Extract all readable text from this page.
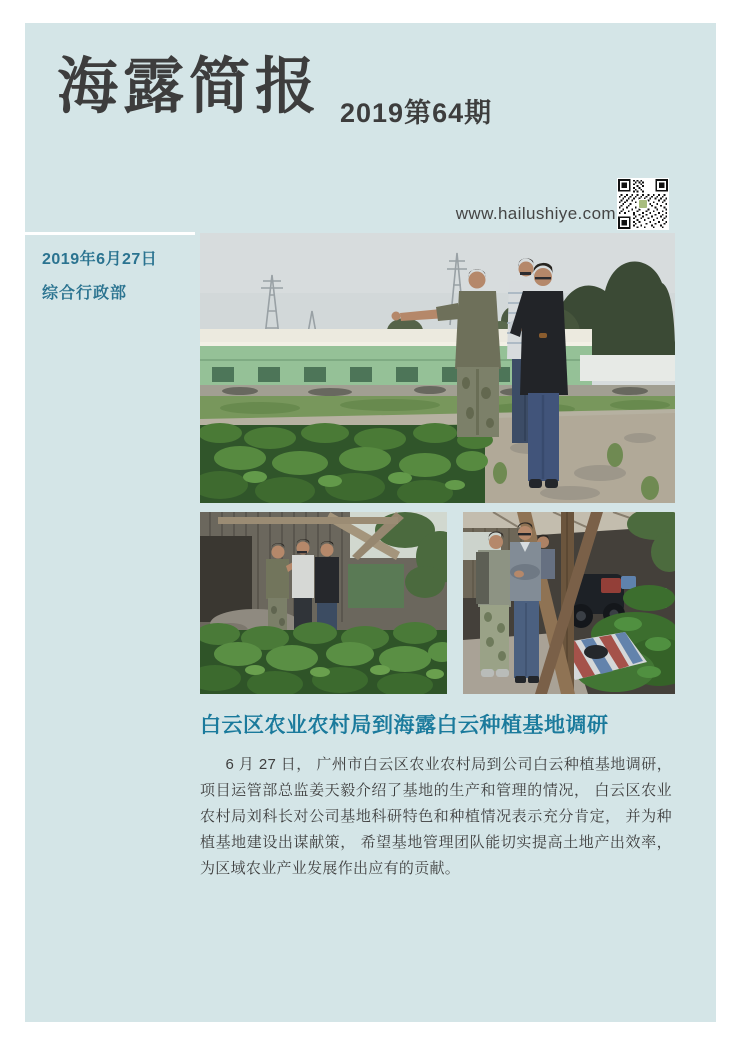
海露简报 2019第64期
www.hailushiye.com
2019年6月27日
综合行政部
白云区农业农村局到海露白云种植基地调研

6 月 27 日， 广州市白云区农业农村局到公司白云种植基地调研， 项目运管部总监姜天毅介绍了基地的生产和管理的情况， 白云区农业农村局刘科长对公司基地科研特色和种植情况表示充分肯定， 并为种植基地建设出谋献策， 希望基地管理团队能切实提高土地产出效率， 为区域农业产业发展作出应有的贡献。
